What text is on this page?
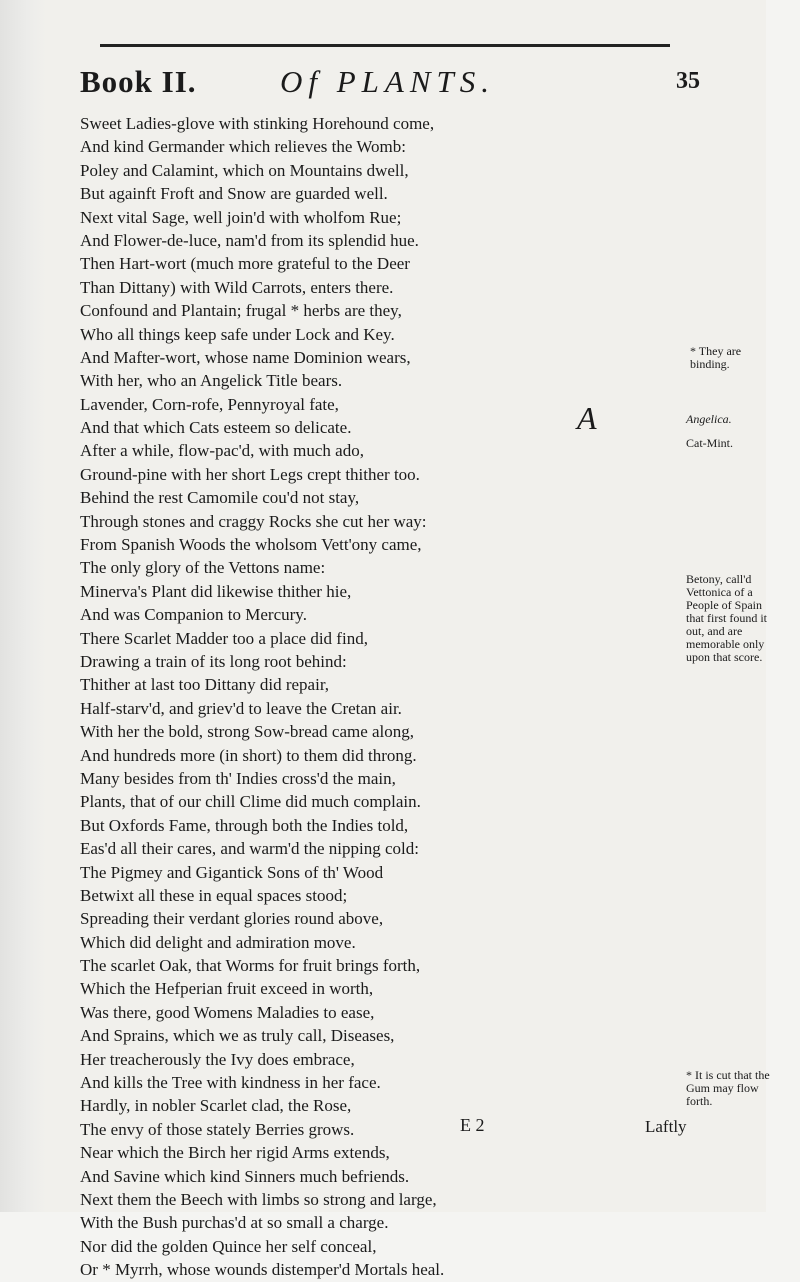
Book II.	Of PLANTS.	35
Sweet Ladies-glove with stinking Horehound come,
And kind Germander which relieves the Womb:
Poley and Calamint, which on Mountains dwell,
But againft Froft and Snow are guarded well.
Next vital Sage, well join'd with wholfom Rue;
And Flower-de-luce, nam'd from its splendid hue.
Then Hart-wort (much more grateful to the Deer
Than Dittany) with Wild Carrots, enters there.
Confound and Plantain; frugal * herbs are they,
Who all things keep safe under Lock and Key.
And Mafter-wort, whose name Dominion wears,
With her, who an Angelick Title bears.
Lavender, Corn-rofe, Pennyroyal fate,
And that which Cats esteem so delicate.
After a while, flow-pac'd, with much ado,
Ground-pine with her short Legs crept thither too.
Behind the rest Camomile cou'd not stay,
Through stones and craggy Rocks she cut her way:
From Spanish Woods the wholsom Vett'ony came,
The only glory of the Vettons name:
Minerva's Plant did likewise thither hie,
And was Companion to Mercury.
There Scarlet Madder too a place did find,
Drawing a train of its long root behind:
Thither at last too Dittany did repair,
Half-starv'd, and griev'd to leave the Cretan air.
With her the bold, strong Sow-bread came along,
And hundreds more (in short) to them did throng.
Many besides from th' Indies cross'd the main,
Plants, that of our chill Clime did much complain.
But Oxfords Fame, through both the Indies told,
Eas'd all their cares, and warm'd the nipping cold:
The Pigmey and Gigantick Sons of th' Wood
Betwixt all these in equal spaces stood;
Spreading their verdant glories round above,
Which did delight and admiration move.
The scarlet Oak, that Worms for fruit brings forth,
Which the Hefperian fruit exceed in worth,
Was there, good Womens Maladies to ease,
And Sprains, which we as truly call, Diseases,
Her treacherously the Ivy does embrace,
And kills the Tree with kindness in her face.
Hardly, in nobler Scarlet clad, the Rose,
The envy of those stately Berries grows.
Near which the Birch her rigid Arms extends,
And Savine which kind Sinners much befriends.
Next them the Beech with limbs so strong and large,
With the Bush purchas'd at so small a charge.
Nor did the golden Quince her self conceal,
Or * Myrrh, whose wounds distemper'd Mortals heal.
* They are binding.
A	Angelica.
Cat-Mint.
Betony, call'd Vettonica of a People of Spain that first found it out, and are memorable only upon that score.
* It is cut that the Gum may flow forth.
E 2	Laftly
